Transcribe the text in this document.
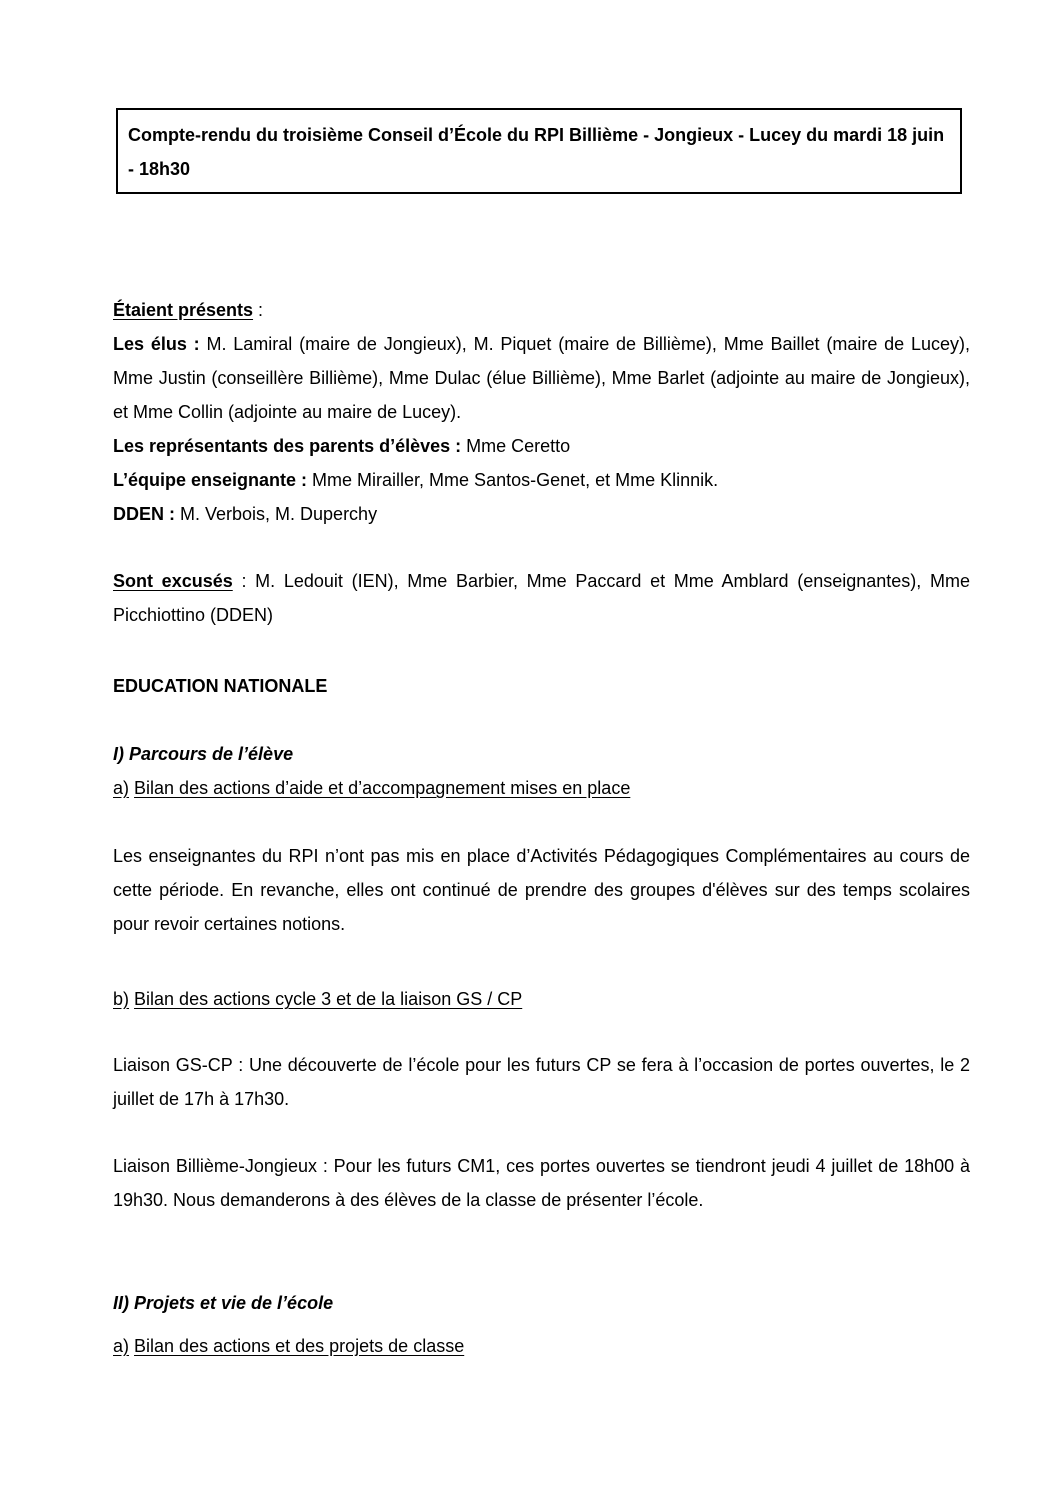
Compte-rendu du troisième Conseil d’École du RPI Billième - Jongieux - Lucey du mardi 18 juin - 18h30

Étaient présents :

Les élus : M. Lamiral (maire de Jongieux), M. Piquet (maire de Billième), Mme Baillet (maire de Lucey), Mme Justin (conseillère Billième), Mme Dulac (élue Billième), Mme Barlet (adjointe au maire de Jongieux), et Mme Collin (adjointe au maire de Lucey).

Les représentants des parents d’élèves : Mme Ceretto

L’équipe enseignante : Mme Mirailler, Mme Santos-Genet, et Mme Klinnik.

DDEN : M. Verbois, M. Duperchy

Sont excusés : M. Ledouit (IEN), Mme Barbier, Mme Paccard et Mme Amblard (enseignantes), Mme Picchiottino (DDEN)

EDUCATION NATIONALE

I) Parcours de l’élève

a) Bilan des actions d’aide et d’accompagnement mises en place

Les enseignantes du RPI n’ont pas mis en place d’Activités Pédagogiques Complémentaires au cours de cette période. En revanche, elles ont continué de prendre des groupes d'élèves sur des temps scolaires pour revoir certaines notions.

b) Bilan des actions cycle 3 et de la liaison GS / CP

Liaison GS-CP : Une découverte de l’école pour les futurs CP se fera à l’occasion de portes ouvertes, le 2 juillet de 17h à 17h30.

Liaison Billième-Jongieux : Pour les futurs CM1, ces portes ouvertes se tiendront jeudi 4 juillet de 18h00 à 19h30. Nous demanderons à des élèves de la classe de présenter l’école.

II) Projets et vie de l’école

a) Bilan des actions et des projets de classe
